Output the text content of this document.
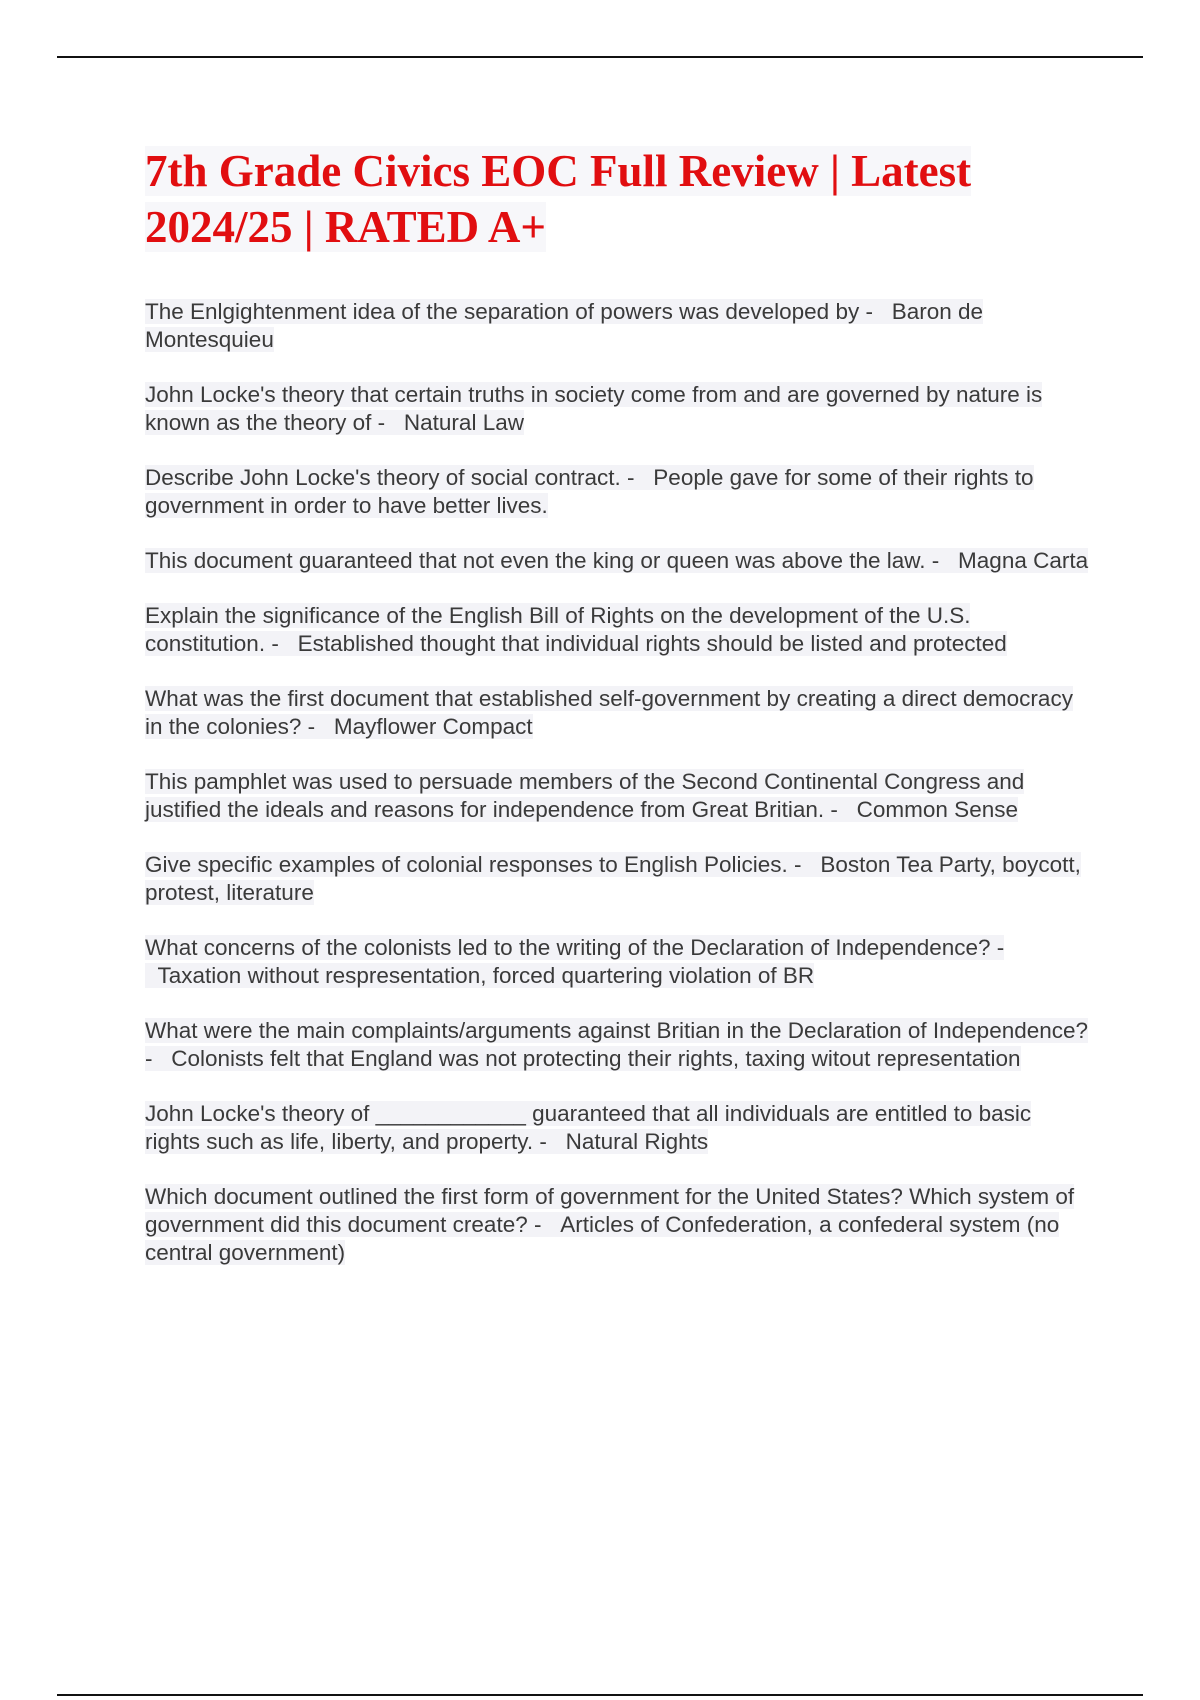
7th Grade Civics EOC Full Review | Latest 2024/25 | RATED A+
The Enlgightenment idea of the separation of powers was developed by -   Baron de Montesquieu
John Locke's theory that certain truths in society come from and are governed by nature is known as the theory of -   Natural Law
Describe John Locke's theory of social contract. -   People gave for some of their rights to government in order to have better lives.
This document guaranteed that not even the king or queen was above the law. -   Magna Carta
Explain the significance of the English Bill of Rights on the development of the U.S. constitution. -   Established thought that individual rights should be listed and protected
What was the first document that established self-government by creating a direct democracy in the colonies? -   Mayflower Compact
This pamphlet was used to persuade members of the Second Continental Congress and justified the ideals and reasons for independence from Great Britian. -   Common Sense
Give specific examples of colonial responses to English Policies. -   Boston Tea Party, boycott, protest, literature
What concerns of the colonists led to the writing of the Declaration of Independence? -   Taxation without respresentation, forced quartering violation of BR
What were the main complaints/arguments against Britian in the Declaration of Independence? -   Colonists felt that England was not protecting their rights, taxing witout representation
John Locke's theory of ____________ guaranteed that all individuals are entitled to basic rights such as life, liberty, and property. -   Natural Rights
Which document outlined the first form of government for the United States? Which system of government did this document create? -   Articles of Confederation, a confederal system (no central government)
